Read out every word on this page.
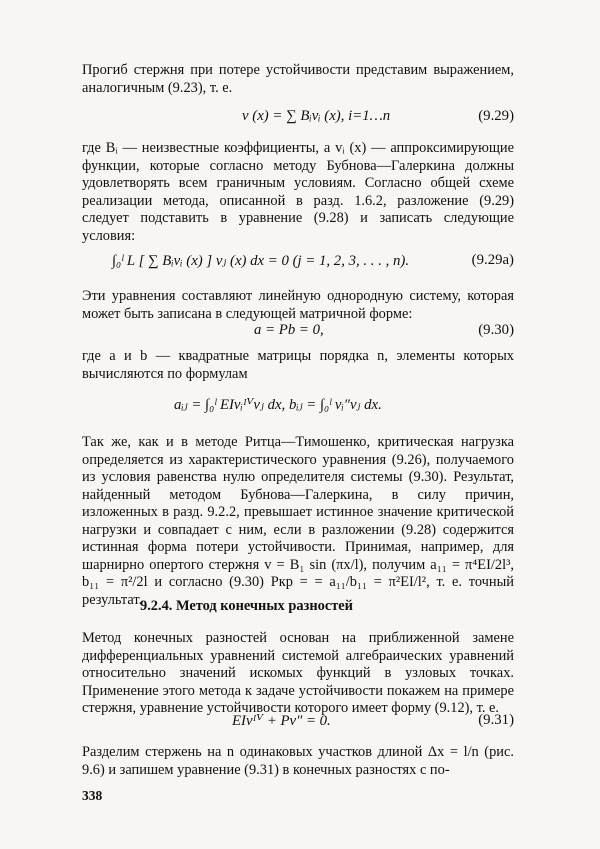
Прогиб стержня при потере устойчивости представим выражением, аналогичным (9.23), т. е.
v (x) = ∑ Bᵢvᵢ (x), i=1…n	(9.29)
где Bᵢ — неизвестные коэффициенты, а vᵢ (x) — аппроксимирующие функции, которые согласно методу Бубнова—Галеркина должны удовлетворять всем граничным условиям. Согласно общей схеме реализации метода, описанной в разд. 1.6.2, разложение (9.29) следует подставить в уравнение (9.28) и записать следующие условия:
∫₀ˡ L [ ∑ Bᵢvᵢ (x) ] vⱼ (x) dx = 0 (j = 1, 2, 3, . . . , n).	(9.29a)
Эти уравнения составляют линейную однородную систему, которая может быть записана в следующей матричной форме:
a = Pb = 0,	(9.30)
где a и b — квадратные матрицы порядка n, элементы которых вычисляются по формулам
aᵢⱼ = ∫₀ˡ EIvᵢᴵⱽvⱼ dx, bᵢⱼ = ∫₀ˡ vᵢ″vⱼ dx.
Так же, как и в методе Ритца—Тимошенко, критическая нагрузка определяется из характеристического уравнения (9.26), получаемого из условия равенства нулю определителя системы (9.30). Результат, найденный методом Бубнова—Галеркина, в силу причин, изложенных в разд. 9.2.2, превышает истинное значение критической нагрузки и совпадает с ним, если в разложении (9.28) содержится истинная форма потери устойчивости. Принимая, например, для шарнирно опертого стержня v = B₁ sin (πx/l), получим a₁₁ = π⁴EI/2l³, b₁₁ = π²/2l и согласно (9.30) Pкр = = a₁₁/b₁₁ = π²EI/l², т. е. точный результат.
9.2.4. Метод конечных разностей
Метод конечных разностей основан на приближенной замене дифференциальных уравнений системой алгебраических уравнений относительно значений искомых функций в узловых точках. Применение этого метода к задаче устойчивости покажем на примере стержня, уравнение устойчивости которого имеет форму (9.12), т. е.
EIvᴵⱽ + Pv″ = 0.	(9.31)
Разделим стержень на n одинаковых участков длиной Δx = l/n (рис. 9.6) и запишем уравнение (9.31) в конечных разностях с по-
338
